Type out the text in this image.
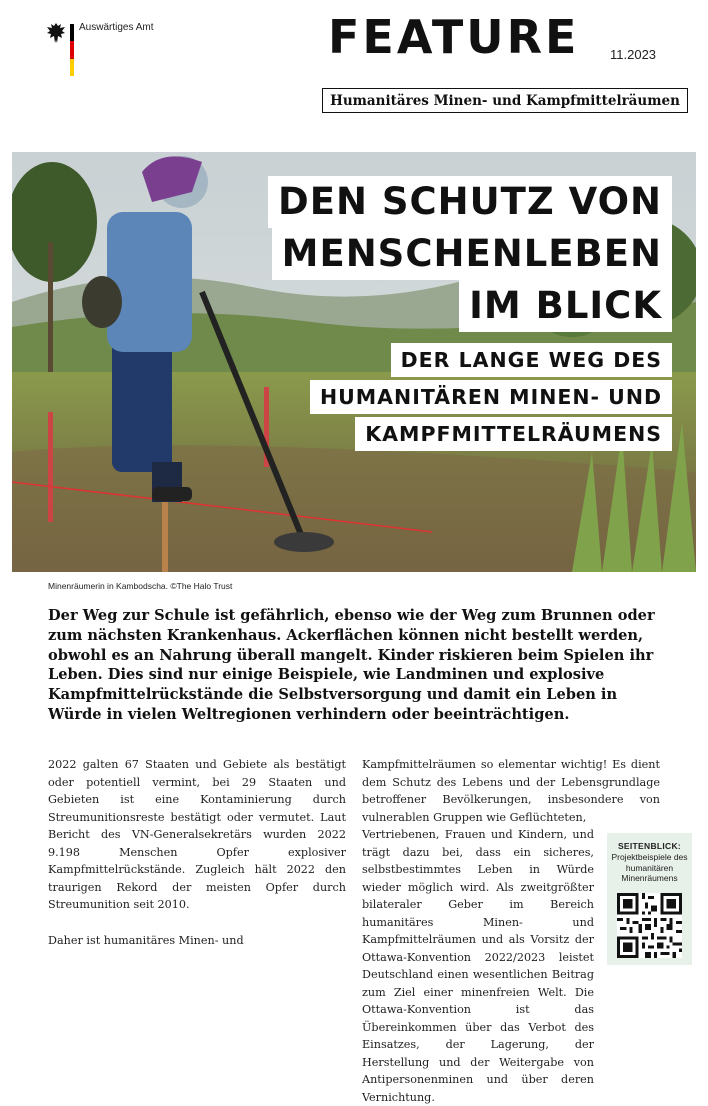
Auswärtiges Amt	FEATURE 11.2023
Humanitäres Minen- und Kampfmittelräumen
DEN SCHUTZ VON
MENSCHENLEBEN
IM BLICK
DER LANGE WEG DES
HUMANITÄREN MINEN- UND
KAMPFMITTELRÄUMENS
Minenräumerin in Kambodscha. ©The Halo Trust

Der Weg zur Schule ist gefährlich, ebenso wie der Weg zum Brunnen oder zum nächsten Krankenhaus. Ackerflächen können nicht bestellt werden, obwohl es an Nahrung überall mangelt. Kinder riskieren beim Spielen ihr Leben. Dies sind nur einige Beispiele, wie Landminen und explosive Kampfmittelrückstände die Selbstversorgung und damit ein Leben in Würde in vielen Weltregionen verhindern oder beeinträchtigen.

2022 galten 67 Staaten und Gebiete als bestätigt oder potentiell vermint, bei 29 Staaten und Gebieten ist eine Kontaminierung durch Streumunitionsreste bestätigt oder vermutet. Laut Bericht des VN-Generalsekretärs wurden 2022 9.198 Menschen Opfer explosiver Kampfmittelrückstände. Zugleich hält 2022 den traurigen Rekord der meisten Opfer durch Streumunition seit 2010.

Daher ist humanitäres Minen- und

Kampfmittelräumen so elementar wichtig! Es dient dem Schutz des Lebens und der Lebensgrundlage betroffener Bevölkerungen, insbesondere von vulnerablen Gruppen wie Geflüchteten,

Vertriebenen, Frauen und Kindern, und trägt dazu bei, dass ein sicheres, selbstbestimmtes Leben in Würde wieder möglich wird. Als zweitgrößter bilateraler Geber im Bereich humanitäres Minen- und Kampfmittelräumen und als Vorsitz der Ottawa-Konvention 2022/2023 leistet Deutschland einen wesentlichen Beitrag zum Ziel einer minenfreien Welt. Die Ottawa-Konvention ist das Übereinkommen über das Verbot des Einsatzes, der Lagerung, der Herstellung und der Weitergabe von Antipersonenminen und über deren Vernichtung.

SEITENBLICK:
Projektbeispiele des humanitären Minenräumens
